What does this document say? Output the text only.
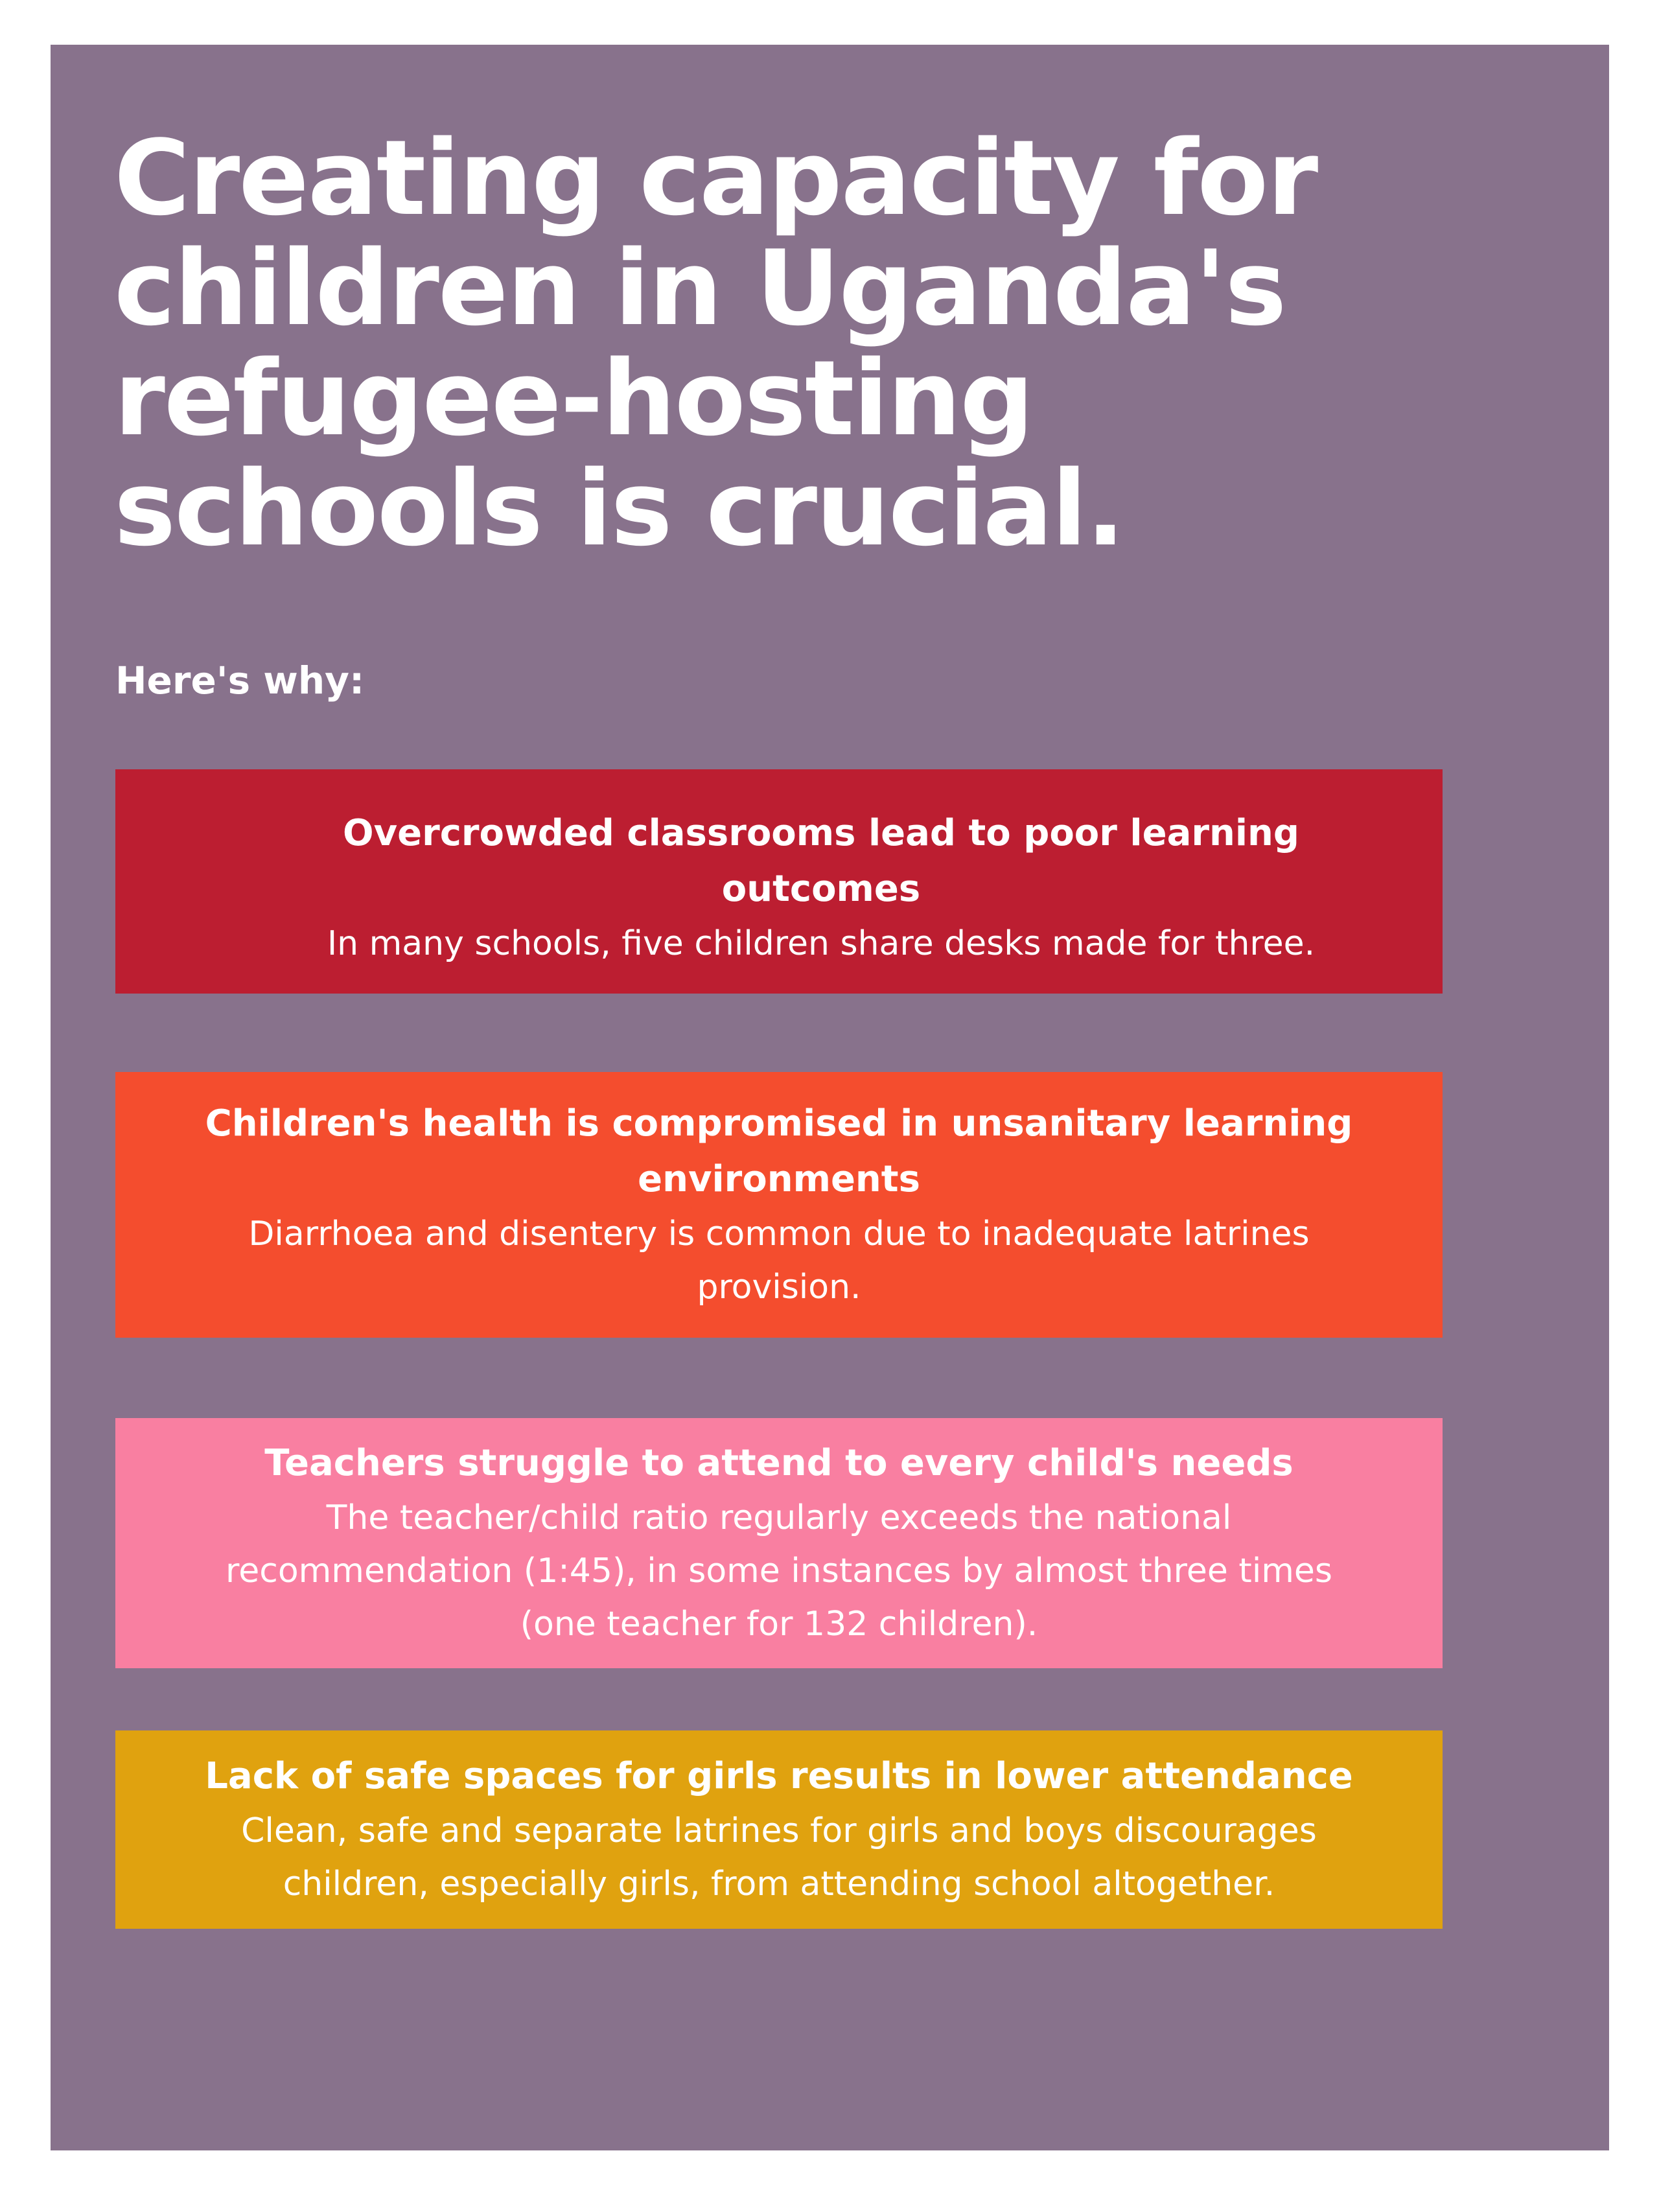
Creating capacity for
children in Uganda's
refugee-hosting
schools is crucial.

Here's why:

Overcrowded classrooms lead to poor learning outcomes
In many schools, five children share desks made for three.
Children's health is compromised in unsanitary learning environments
Diarrhoea and disentery is common due to inadequate latrines provision.
Teachers struggle to attend to every child's needs
The teacher/child ratio regularly exceeds the national recommendation (1:45), in some instances by almost three times (one teacher for 132 children).
Lack of safe spaces for girls results in lower attendance
Clean, safe and separate latrines for girls and boys discourages children, especially girls, from attending school altogether.
